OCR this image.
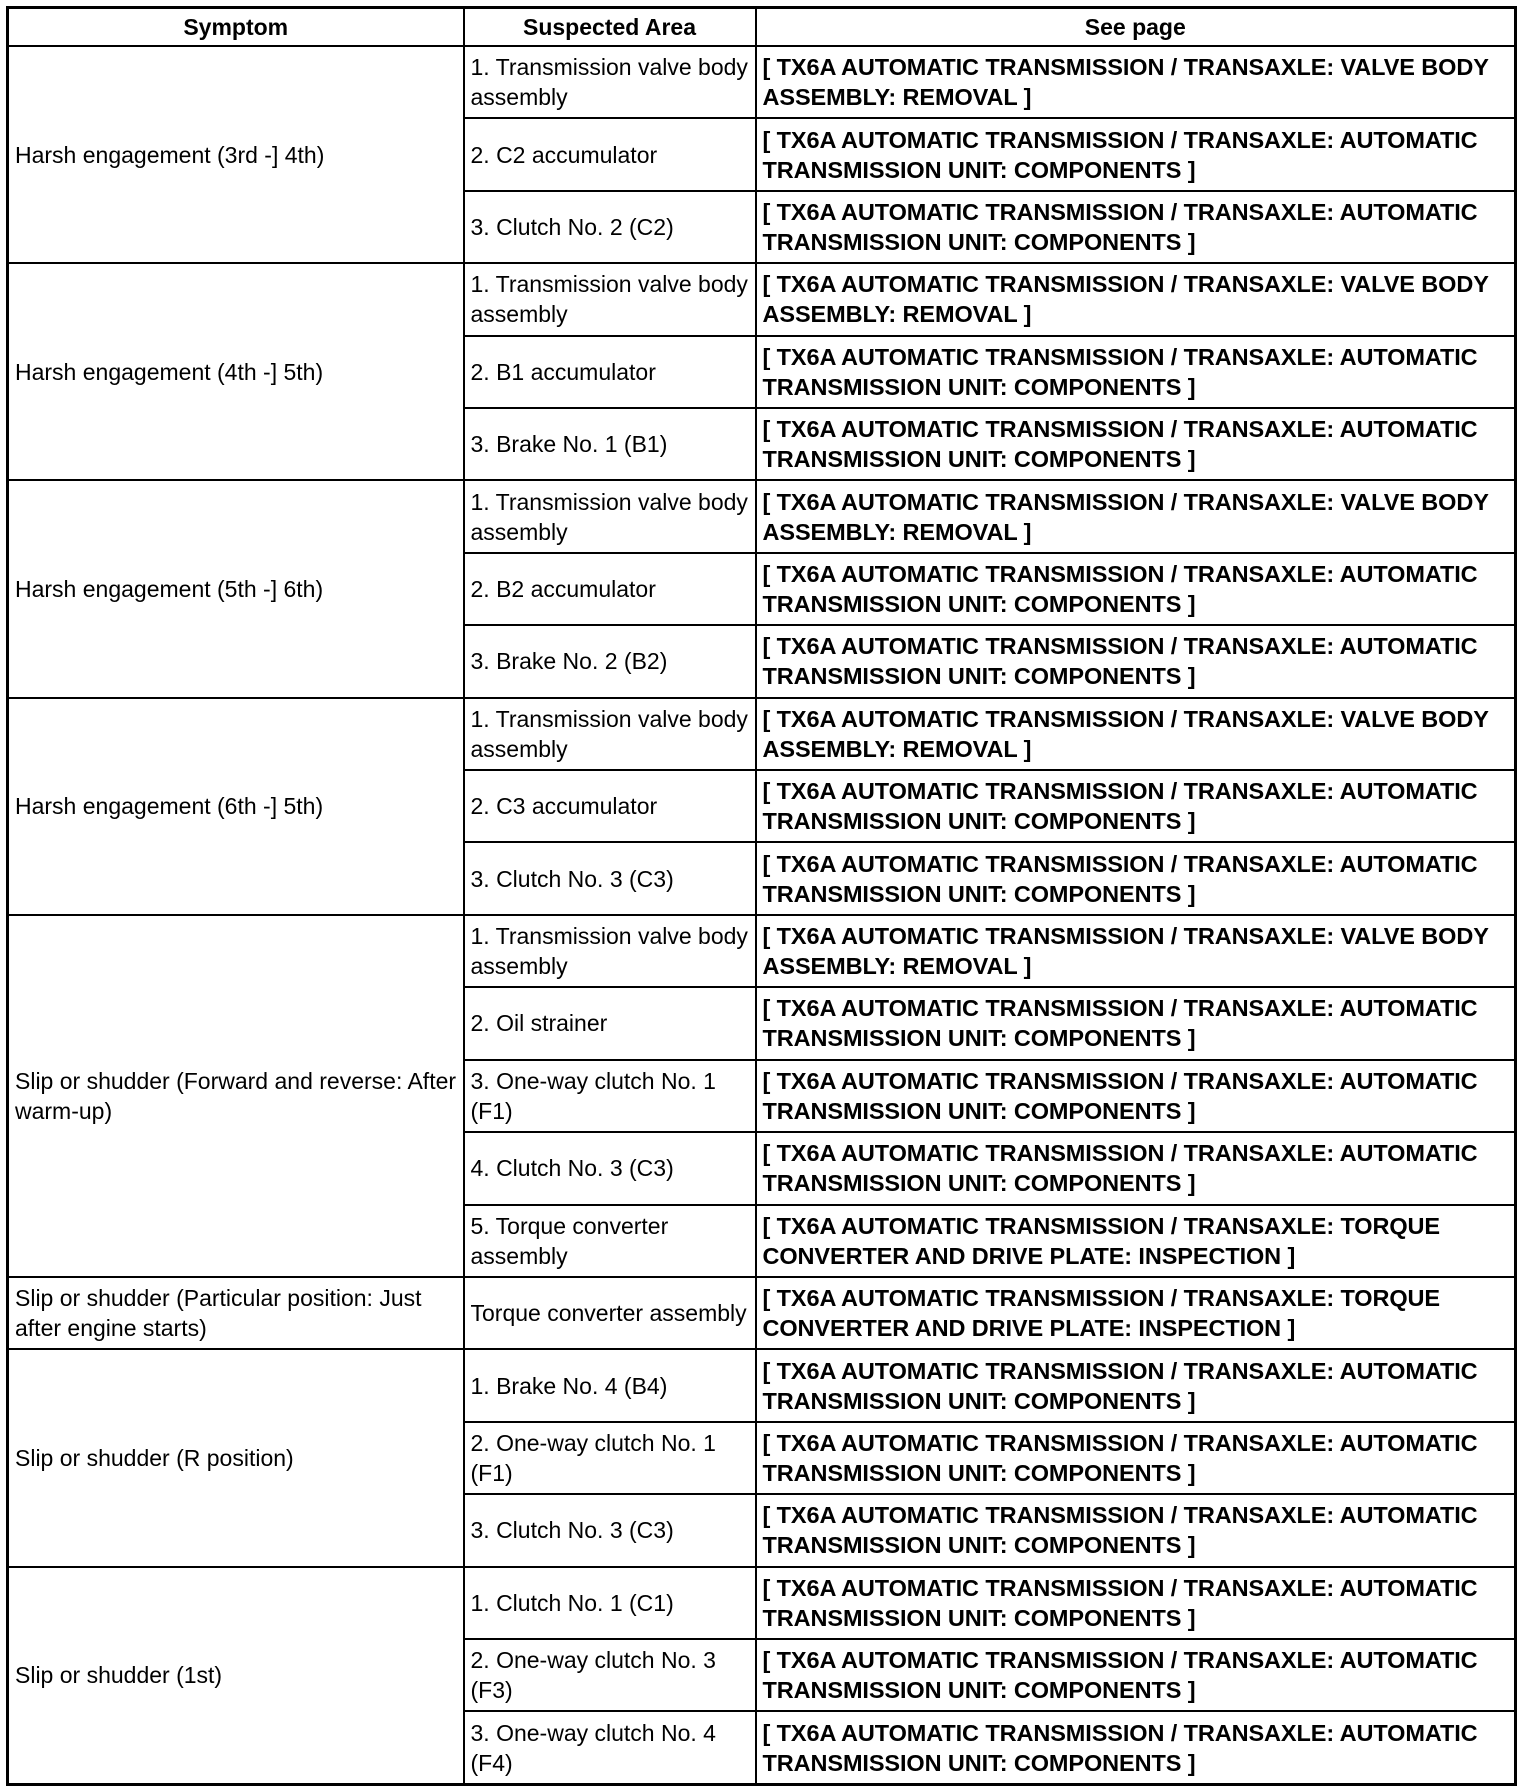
Symptom	Suspected Area	See page
Harsh engagement (3rd -] 4th)	1. Transmission valve body assembly	[ TX6A AUTOMATIC TRANSMISSION / TRANSAXLE: VALVE BODY ASSEMBLY: REMOVAL ]
	2. C2 accumulator	[ TX6A AUTOMATIC TRANSMISSION / TRANSAXLE: AUTOMATIC TRANSMISSION UNIT: COMPONENTS ]
	3. Clutch No. 2 (C2)	[ TX6A AUTOMATIC TRANSMISSION / TRANSAXLE: AUTOMATIC TRANSMISSION UNIT: COMPONENTS ]
Harsh engagement (4th -] 5th)	1. Transmission valve body assembly	[ TX6A AUTOMATIC TRANSMISSION / TRANSAXLE: VALVE BODY ASSEMBLY: REMOVAL ]
	2. B1 accumulator	[ TX6A AUTOMATIC TRANSMISSION / TRANSAXLE: AUTOMATIC TRANSMISSION UNIT: COMPONENTS ]
	3. Brake No. 1 (B1)	[ TX6A AUTOMATIC TRANSMISSION / TRANSAXLE: AUTOMATIC TRANSMISSION UNIT: COMPONENTS ]
Harsh engagement (5th -] 6th)	1. Transmission valve body assembly	[ TX6A AUTOMATIC TRANSMISSION / TRANSAXLE: VALVE BODY ASSEMBLY: REMOVAL ]
	2. B2 accumulator	[ TX6A AUTOMATIC TRANSMISSION / TRANSAXLE: AUTOMATIC TRANSMISSION UNIT: COMPONENTS ]
	3. Brake No. 2 (B2)	[ TX6A AUTOMATIC TRANSMISSION / TRANSAXLE: AUTOMATIC TRANSMISSION UNIT: COMPONENTS ]
Harsh engagement (6th -] 5th)	1. Transmission valve body assembly	[ TX6A AUTOMATIC TRANSMISSION / TRANSAXLE: VALVE BODY ASSEMBLY: REMOVAL ]
	2. C3 accumulator	[ TX6A AUTOMATIC TRANSMISSION / TRANSAXLE: AUTOMATIC TRANSMISSION UNIT: COMPONENTS ]
	3. Clutch No. 3 (C3)	[ TX6A AUTOMATIC TRANSMISSION / TRANSAXLE: AUTOMATIC TRANSMISSION UNIT: COMPONENTS ]
Slip or shudder (Forward and reverse: After warm-up)	1. Transmission valve body assembly	[ TX6A AUTOMATIC TRANSMISSION / TRANSAXLE: VALVE BODY ASSEMBLY: REMOVAL ]
	2. Oil strainer	[ TX6A AUTOMATIC TRANSMISSION / TRANSAXLE: AUTOMATIC TRANSMISSION UNIT: COMPONENTS ]
	3. One-way clutch No. 1 (F1)	[ TX6A AUTOMATIC TRANSMISSION / TRANSAXLE: AUTOMATIC TRANSMISSION UNIT: COMPONENTS ]
	4. Clutch No. 3 (C3)	[ TX6A AUTOMATIC TRANSMISSION / TRANSAXLE: AUTOMATIC TRANSMISSION UNIT: COMPONENTS ]
	5. Torque converter assembly	[ TX6A AUTOMATIC TRANSMISSION / TRANSAXLE: TORQUE CONVERTER AND DRIVE PLATE: INSPECTION ]
Slip or shudder (Particular position: Just after engine starts)	Torque converter assembly	[ TX6A AUTOMATIC TRANSMISSION / TRANSAXLE: TORQUE CONVERTER AND DRIVE PLATE: INSPECTION ]
Slip or shudder (R position)	1. Brake No. 4 (B4)	[ TX6A AUTOMATIC TRANSMISSION / TRANSAXLE: AUTOMATIC TRANSMISSION UNIT: COMPONENTS ]
	2. One-way clutch No. 1 (F1)	[ TX6A AUTOMATIC TRANSMISSION / TRANSAXLE: AUTOMATIC TRANSMISSION UNIT: COMPONENTS ]
	3. Clutch No. 3 (C3)	[ TX6A AUTOMATIC TRANSMISSION / TRANSAXLE: AUTOMATIC TRANSMISSION UNIT: COMPONENTS ]
Slip or shudder (1st)	1. Clutch No. 1 (C1)	[ TX6A AUTOMATIC TRANSMISSION / TRANSAXLE: AUTOMATIC TRANSMISSION UNIT: COMPONENTS ]
	2. One-way clutch No. 3 (F3)	[ TX6A AUTOMATIC TRANSMISSION / TRANSAXLE: AUTOMATIC TRANSMISSION UNIT: COMPONENTS ]
	3. One-way clutch No. 4 (F4)	[ TX6A AUTOMATIC TRANSMISSION / TRANSAXLE: AUTOMATIC TRANSMISSION UNIT: COMPONENTS ]
